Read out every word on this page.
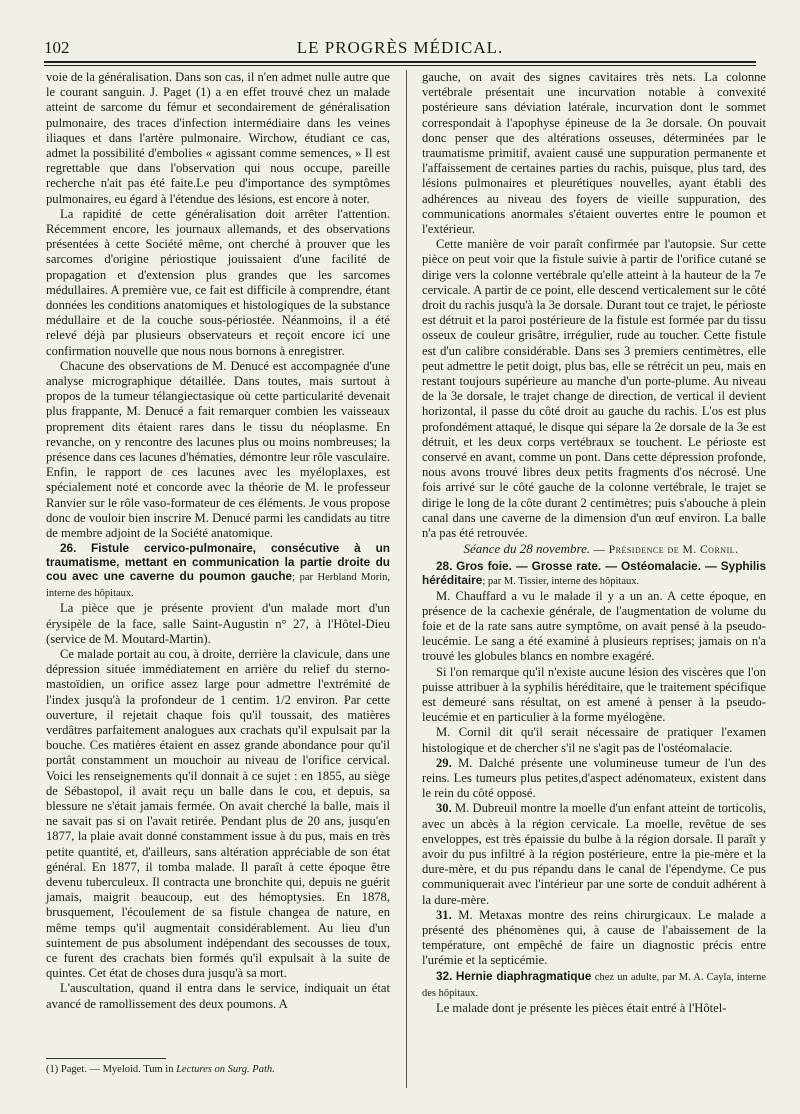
102	LE PROGRÈS MÉDICAL.

voie de la généralisation. Dans son cas, il n'en admet nulle autre que le courant sanguin. J. Paget (1) a en effet trouvé chez un malade atteint de sarcome du fémur et secondairement de généralisation pulmonaire, des traces d'infection intermédiaire dans les veines iliaques et dans l'artère pulmonaire. Wirchow, étudiant ce cas, admet la possibilité d'embolies « agissant comme semences, » Il est regrettable que dans l'observation qui nous occupe, pareille recherche n'ait pas été faite.Le peu d'importance des symptômes pulmonaires, eu égard à l'étendue des lésions, est encore à noter.

La rapidité de cette généralisation doit arrêter l'attention. Récemment encore, les journaux allemands, et des observations présentées à cette Société même, ont cherché à prouver que les sarcomes d'origine périostique jouissaient d'une facilité de propagation et d'extension plus grandes que les sarcomes médullaires. A première vue, ce fait est difficile à comprendre, étant données les conditions anatomiques et histologiques de la substance médullaire et de la couche sous-périostée. Néanmoins, il a été relevé déjà par plusieurs observateurs et reçoit encore ici une confirmation nouvelle que nous nous bornons à enregistrer.

Chacune des observations de M. Denucé est accompagnée d'une analyse micrographique détaillée. Dans toutes, mais surtout à propos de la tumeur télangiectasique où cette particularité devenait plus frappante, M. Denucé a fait remarquer combien les vaisseaux proprement dits étaient rares dans le tissu du néoplasme. En revanche, on y rencontre des lacunes plus ou moins nombreuses; la présence dans ces lacunes d'hématies, démontre leur rôle vasculaire. Enfin, le rapport de ces lacunes avec les myéloplaxes, est spécialement noté et concorde avec la théorie de M. le professeur Ranvier sur le rôle vaso-formateur de ces éléments. Je vous propose donc de vouloir bien inscrire M. Denucé parmi les candidats au titre de membre adjoint de la Société anatomique.

26. Fistule cervico-pulmonaire, consécutive à un traumatisme, mettant en communication la partie droite du cou avec une caverne du poumon gauche; par Herbland Morin, interne des hôpitaux.

La pièce que je présente provient d'un malade mort d'un érysipèle de la face, salle Saint-Augustin n° 27, à l'Hôtel-Dieu (service de M. Moutard-Martin).

Ce malade portait au cou, à droite, derrière la clavicule, dans une dépression située immédiatement en arrière du relief du sterno-mastoïdien, un orifice assez large pour admettre l'extrémité de l'index jusqu'à la profondeur de 1 centim. 1/2 environ. Par cette ouverture, il rejetait chaque fois qu'il toussait, des matières verdâtres parfaitement analogues aux crachats qu'il expulsait par la bouche. Ces matières étaient en assez grande abondance pour qu'il portât constamment un mouchoir au niveau de l'orifice cervical. Voici les renseignements qu'il donnait à ce sujet : en 1855, au siège de Sébastopol, il avait reçu un balle dans le cou, et depuis, sa blessure ne s'était jamais fermée. On avait cherché la balle, mais il ne savait pas si on l'avait retirée. Pendant plus de 20 ans, jusqu'en 1877, la plaie avait donné constamment issue à du pus, mais en très petite quantité, et, d'ailleurs, sans altération appréciable de son état général. En 1877, il tomba malade. Il paraît à cette époque être devenu tuberculeux. Il contracta une bronchite qui, depuis ne guérit jamais, maigrit beaucoup, eut des hémoptysies. En 1878, brusquement, l'écoulement de sa fistule changea de nature, en même temps qu'il augmentait considérablement. Au lieu d'un suintement de pus absolument indépendant des secousses de toux, ce furent des crachats bien formés qu'il expulsait à la suite de quintes. Cet état de choses dura jusqu'à sa mort.

L'auscultation, quand il entra dans le service, indiquait un état avancé de ramollissement des deux poumons. A

gauche, on avait des signes cavitaires très nets. La colonne vertébrale présentait une incurvation notable à convexité postérieure sans déviation latérale, incurvation dont le sommet correspondait à l'apophyse épineuse de la 3e dorsale. On pouvait donc penser que des altérations osseuses, déterminées par le traumatisme primitif, avaient causé une suppuration permanente et l'affaissement de certaines parties du rachis, puisque, plus tard, des lésions pulmonaires et pleurétiques nouvelles, ayant établi des adhérences au niveau des foyers de vieille suppuration, des communications anormales s'étaient ouvertes entre le poumon et l'extérieur.

Cette manière de voir paraît confirmée par l'autopsie. Sur cette pièce on peut voir que la fistule suivie à partir de l'orifice cutané se dirige vers la colonne vertébrale qu'elle atteint à la hauteur de la 7e cervicale. A partir de ce point, elle descend verticalement sur le côté droit du rachis jusqu'à la 3e dorsale. Durant tout ce trajet, le périoste est détruit et la paroi postérieure de la fistule est formée par du tissu osseux de couleur grisâtre, irrégulier, rude au toucher. Cette fistule est d'un calibre considérable. Dans ses 3 premiers centimètres, elle peut admettre le petit doigt, plus bas, elle se rétrécit un peu, mais en restant toujours supérieure au manche d'un porte-plume. Au niveau de la 3e dorsale, le trajet change de direction, de vertical il devient horizontal, il passe du côté droit au gauche du rachis. L'os est plus profondément attaqué, le disque qui sépare la 2e dorsale de la 3e est détruit, et les deux corps vertébraux se touchent. Le périoste est conservé en avant, comme un pont. Dans cette dépression profonde, nous avons trouvé libres deux petits fragments d'os nécrosé. Une fois arrivé sur le côté gauche de la colonne vertébrale, le trajet se dirige le long de la côte durant 2 centimètres; puis s'abouche à plein canal dans une caverne de la dimension d'un œuf environ. La balle n'a pas été retrouvée.

Séance du 28 novembre. — Présidence de M. Cornil.

28. Gros foie. — Grosse rate. — Ostéomalacie. — Syphilis héréditaire; par M. Tissier, interne des hôpitaux.

M. Chauffard a vu le malade il y a un an. A cette époque, en présence de la cachexie générale, de l'augmentation de volume du foie et de la rate sans autre symptôme, on avait pensé à la pseudo-leucémie. Le sang a été examiné à plusieurs reprises; jamais on n'a trouvé les globules blancs en nombre exagéré.

Si l'on remarque qu'il n'existe aucune lésion des viscères que l'on puisse attribuer à la syphilis héréditaire, que le traitement spécifique est demeuré sans résultat, on est amené à penser à la pseudo-leucémie et en particulier à la forme myélogène.

M. Cornil dit qu'il serait nécessaire de pratiquer l'examen histologique et de chercher s'il ne s'agit pas de l'ostéomalacie.

29. M. Dalché présente une volumineuse tumeur de l'un des reins. Les tumeurs plus petites,d'aspect adénomateux, existent dans le rein du côté opposé.

30. M. Dubreuil montre la moelle d'un enfant atteint de torticolis, avec un abcès à la région cervicale. La moelle, revêtue de ses enveloppes, est très épaissie du bulbe à la région dorsale. Il paraît y avoir du pus infiltré à la région postérieure, entre la pie-mère et la dure-mère, et du pus répandu dans le canal de l'épendyme. Ce pus communiquerait avec l'intérieur par une sorte de conduit adhérent à la dure-mère.

31. M. Metaxas montre des reins chirurgicaux. Le malade a présenté des phénomènes qui, à cause de l'abaissement de la température, ont empêché de faire un diagnostic précis entre l'urémie et la septicémie.

32. Hernie diaphragmatique chez un adulte, par M. A. Cayla, interne des hôpitaux.

Le malade dont je présente les pièces était entré à l'Hôtel-

(1) Paget. — Myeloid. Tum in Lectures on Surg. Path.
